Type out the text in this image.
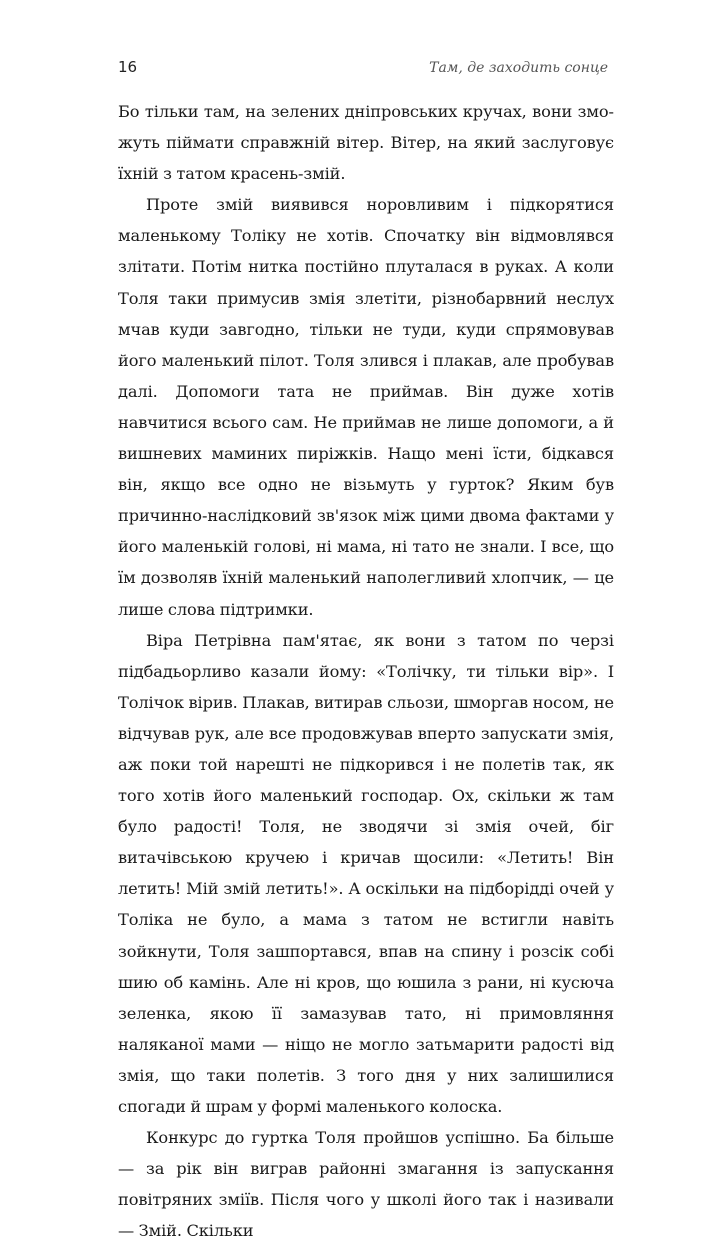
16	Там, де заходить сонце

Бо тільки там, на зелених дніпровських кручах, вони зможуть піймати справжній вітер. Вітер, на який заслуговує їхній з татом красень-змій.

Проте змій виявився норовливим і підкорятися маленькому Толіку не хотів. Спочатку він відмовлявся злітати. Потім нитка постійно плуталася в руках. А коли Толя таки примусив змія злетіти, різнобарвний неслух мчав куди завгодно, тільки не туди, куди спрямовував його маленький пілот. Толя злився і плакав, але пробував далі. Допомоги тата не приймав. Він дуже хотів навчитися всього сам. Не приймав не лише допомоги, а й вишневих маминих пиріжків. Нащо мені їсти, бідкався він, якщо все одно не візьмуть у гурток? Яким був причинно-наслідковий зв'язок між цими двома фактами у його маленькій голові, ні мама, ні тато не знали. І все, що їм дозволяв їхній маленький наполегливий хлопчик, — це лише слова підтримки.

Віра Петрівна пам'ятає, як вони з татом по черзі підбадьорливо казали йому: «Толічку, ти тільки вір». І Толічок вірив. Плакав, витирав сльози, шморгав носом, не відчував рук, але все продовжував вперто запускати змія, аж поки той нарешті не підкорився і не полетів так, як того хотів його маленький господар. Ох, скільки ж там було радості! Толя, не зводячи зі змія очей, біг витачівською кручею і кричав щосили: «Летить! Він летить! Мій змій летить!». А оскільки на підборідді очей у Толіка не було, а мама з татом не встигли навіть зойкнути, Толя зашпортався, впав на спину і розсік собі шию об камінь. Але ні кров, що юшила з рани, ні кусюча зеленка, якою її замазував тато, ні примовляння наляканої мами — ніщо не могло затьмарити радості від змія, що таки полетів. З того дня у них залишилися спогади й шрам у формі маленького колоска.

Конкурс до гуртка Толя пройшов успішно. Ба більше — за рік він виграв районні змагання із запускання повітряних зміїв. Після чого у школі його так і називали — Змій. Скільки
